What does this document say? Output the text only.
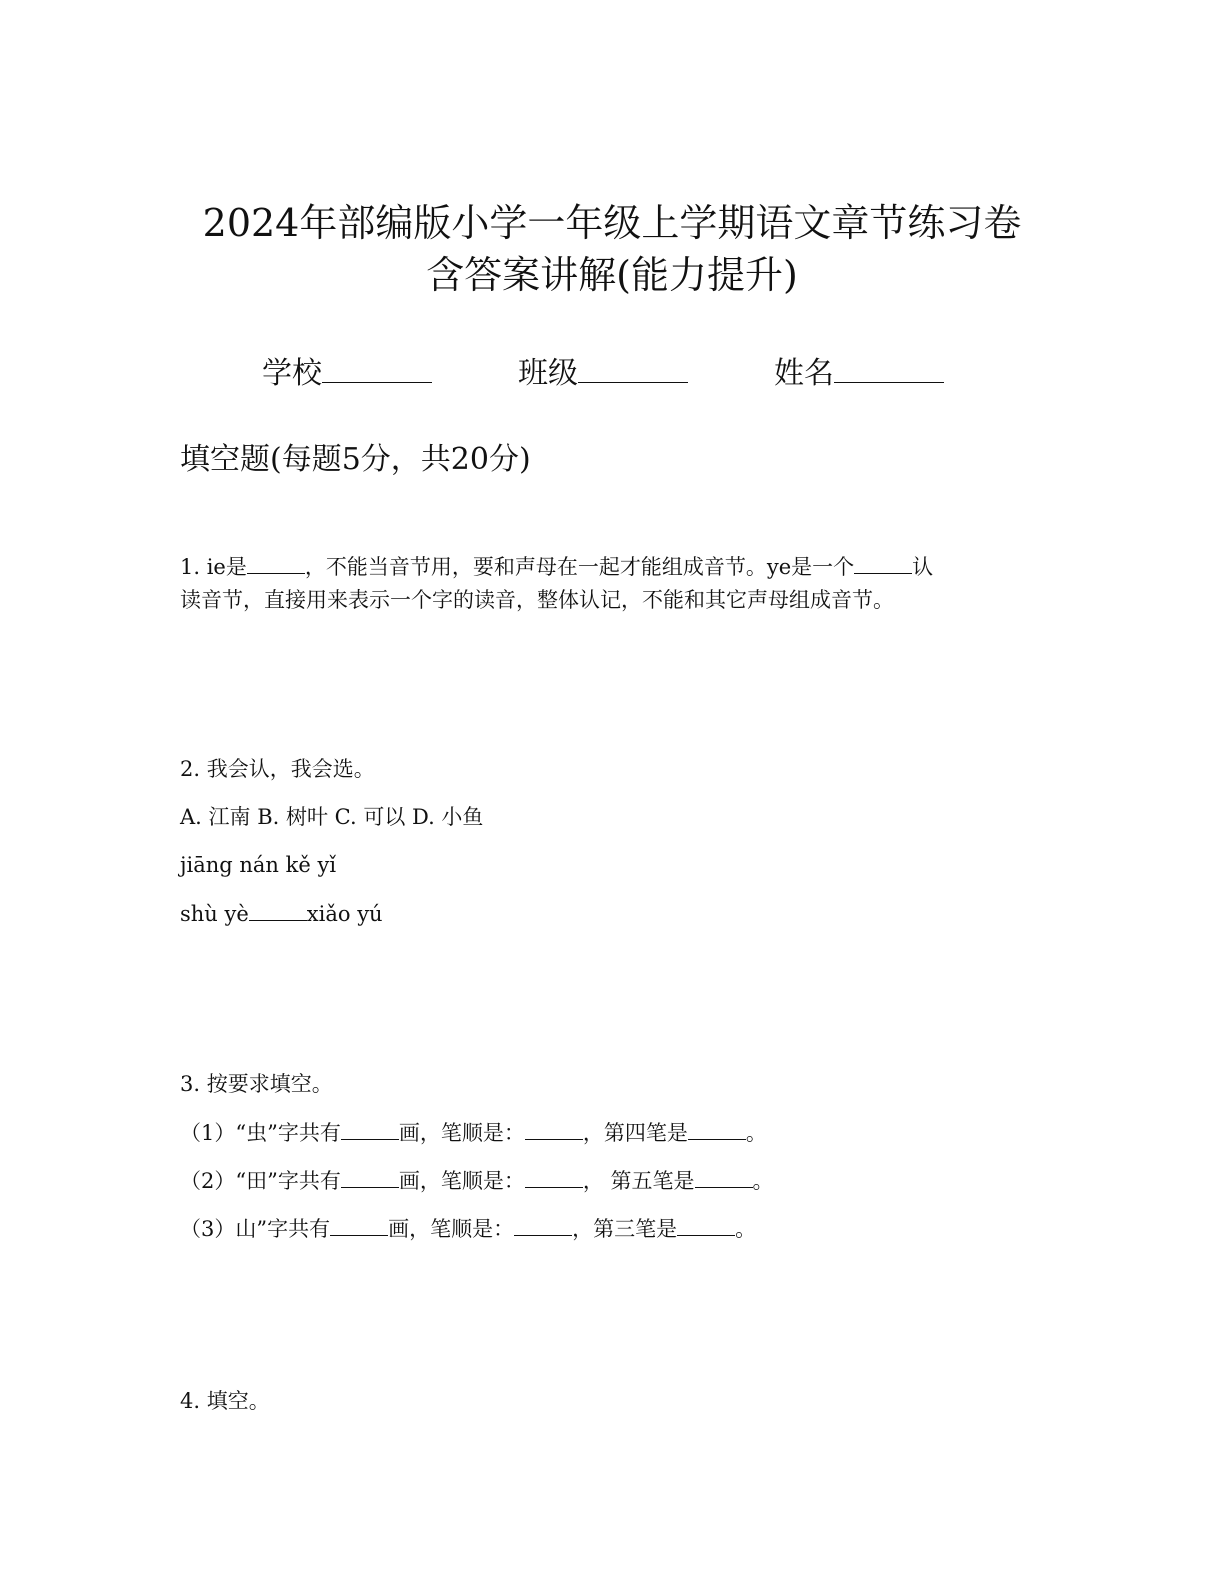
2024年部编版小学一年级上学期语文章节练习卷
含答案讲解(能力提升)
学校	班级	姓名
填空题(每题5分，共20分)
1. ie是	，不能当音节用，要和声母在一起才能组成音节。ye是一个	认
读音节，直接用来表示一个字的读音，整体认记，不能和其它声母组成音节。
2. 我会认，我会选。
A. 江南 B. 树叶 C. 可以 D. 小鱼
jiāng nán kě yǐ
shù yè	xiǎo yú
3. 按要求填空。
（1）“虫”字共有	画，笔顺是：	，第四笔是	。
（2）“田”字共有	画，笔顺是：	， 第五笔是	。
（3）山”字共有	画，笔顺是：	，第三笔是	。
4. 填空。
